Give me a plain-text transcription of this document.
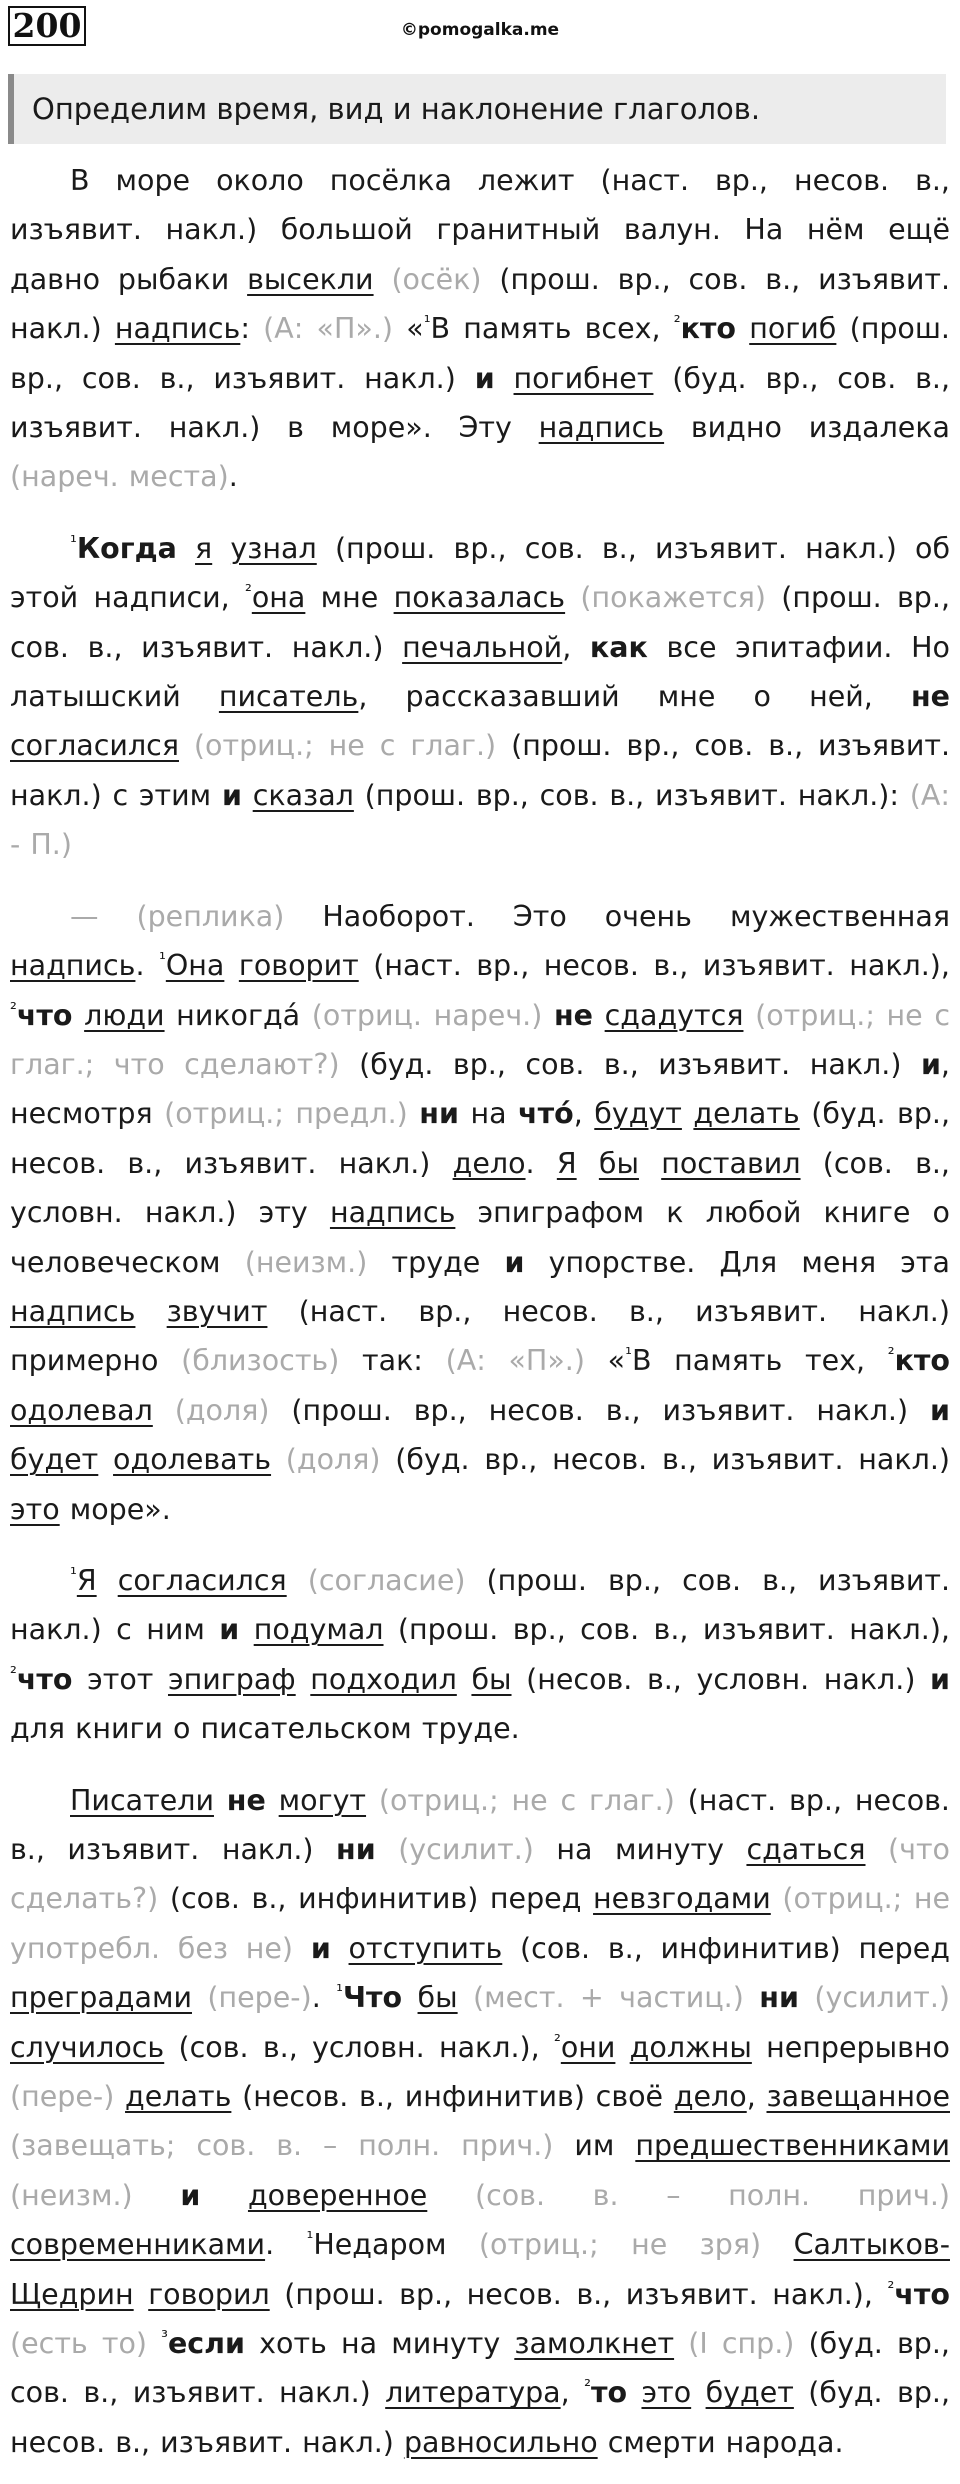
200	©pomogalka.me
Определим время, вид и наклонение глаголов.

В море около посёлка лежит (наст. вр., несов. в., изъявит. накл.) большой гранитный валун. На нём ещё давно рыбаки высекли (осёк) (прош. вр., сов. в., изъявит. накл.) надпись: (А: «П».) «$^{^1}$В память всех, $^{^2}$кто погиб (прош. вр., сов. в., изъявит. накл.) и погибнет (буд. вр., сов. в., изъявит. накл.) в море». Эту надпись видно издалека (нареч. места).

$^{^1}$Когда я узнал (прош. вр., сов. в., изъявит. накл.) об этой надписи, $^{^2}$она мне показалась (покажется) (прош. вр., сов. в., изъявит. накл.) печальной, как все эпитафии. Но латышский писатель, рассказавший мне о ней, не согласился (отриц.; не с глаг.) (прош. вр., сов. в., изъявит. накл.) с этим и сказал (прош. вр., сов. в., изъявит. накл.): (А: - П.)

— (реплика) Наоборот. Это очень мужественная надпись. $^{^1}$Она говорит (наст. вр., несов. в., изъявит. накл.), $^{^2}$что люди никогда́ (отриц. нареч.) не сдадутся (отриц.; не с глаг.; что сделают?) (буд. вр., сов. в., изъявит. накл.) и, несмотря (отриц.; предл.) ни на что́, будут делать (буд. вр., несов. в., изъявит. накл.) дело. Я бы поставил (сов. в., условн. накл.) эту надпись эпиграфом к любой книге о человеческом (неизм.) труде и упорстве. Для меня эта надпись звучит (наст. вр., несов. в., изъявит. накл.) примерно (близость) так: (А: «П».) «$^{^1}$В память тех, $^{^2}$кто одолевал (доля) (прош. вр., несов. в., изъявит. накл.) и будет одолевать (доля) (буд. вр., несов. в., изъявит. накл.) это море».

$^{^1}$Я согласился (согласие) (прош. вр., сов. в., изъявит. накл.) с ним и подумал (прош. вр., сов. в., изъявит. накл.), $^{^2}$что этот эпиграф подходил бы (несов. в., условн. накл.) и для книги о писательском труде.

Писатели не могут (отриц.; не с глаг.) (наст. вр., несов. в., изъявит. накл.) ни (усилит.) на минуту сдаться (что сделать?) (сов. в., инфинитив) перед невзгодами (отриц.; не употребл. без не) и отступить (сов. в., инфинитив) перед преградами (пере-). $^{^1}$Что бы (мест. + частиц.) ни (усилит.) случилось (сов. в., условн. накл.), $^{^2}$они должны непрерывно (пере-) делать (несов. в., инфинитив) своё дело, завещанное (завещать; сов. в. – полн. прич.) им предшественниками (неизм.) и доверенное (сов. в. – полн. прич.) современниками. $^{^1}$Недаром (отриц.; не зря) Салтыков-Щедрин говорил (прош. вр., несов. в., изъявит. накл.), $^{^2}$что (есть то) $^{^3}$если хоть на минуту замолкнет (I спр.) (буд. вр., сов. в., изъявит. накл.) литература, $^{^2}$то это будет (буд. вр., несов. в., изъявит. накл.) равносильно смерти народа.
